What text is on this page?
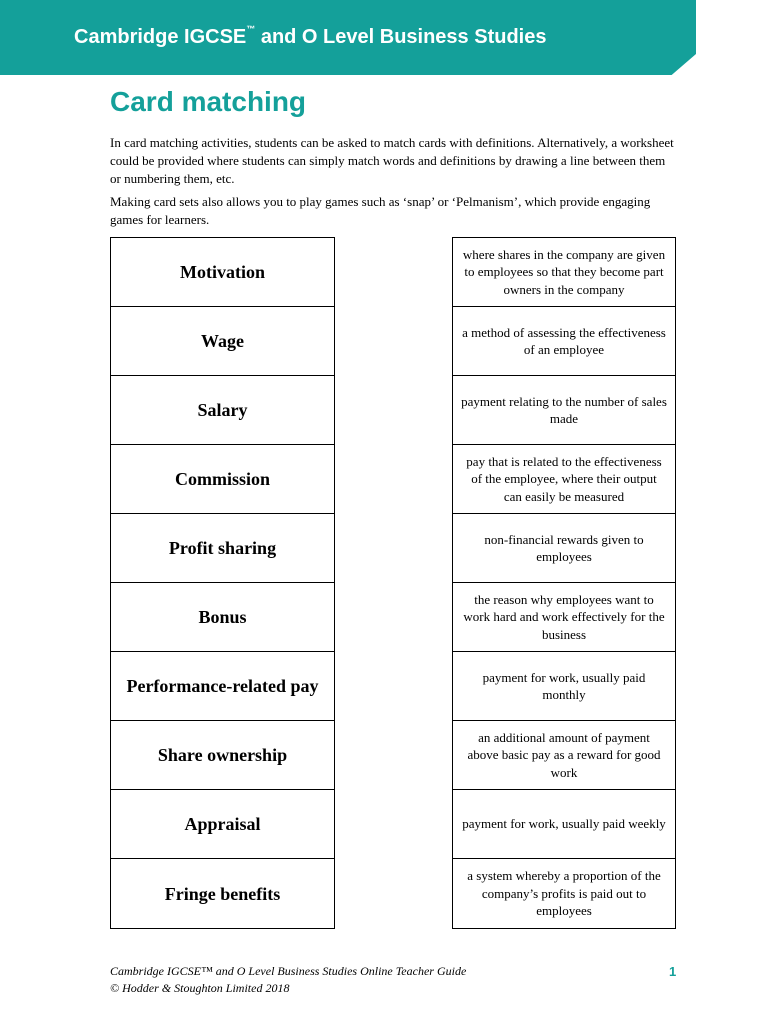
Cambridge IGCSE™ and O Level Business Studies
Card matching

In card matching activities, students can be asked to match cards with definitions. Alternatively, a worksheet could be provided where students can simply match words and definitions by drawing a line between them or numbering them, etc.

Making card sets also allows you to play games such as ‘snap’ or ‘Pelmanism’, which provide engaging games for learners.

Motivation
Wage
Salary
Commission
Profit sharing
Bonus
Performance-related pay
Share ownership
Appraisal
Fringe benefits
where shares in the company are given to employees so that they become part owners in the company
a method of assessing the effectiveness of an employee
payment relating to the number of sales made
pay that is related to the effectiveness of the employee, where their output can easily be measured
non-financial rewards given to employees
the reason why employees want to work hard and work effectively for the business
payment for work, usually paid monthly
an additional amount of payment above basic pay as a reward for good work
payment for work, usually paid weekly
a system whereby a proportion of the company’s profits is paid out to employees
Cambridge IGCSE™ and O Level Business Studies Online Teacher Guide
© Hodder & Stoughton Limited 2018
1
